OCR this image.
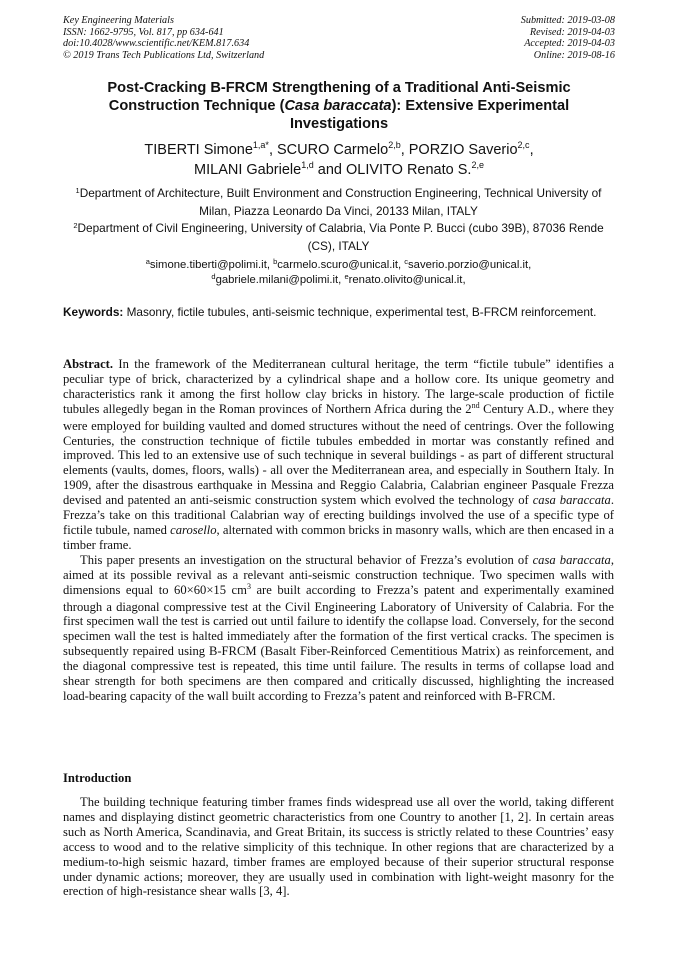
Key Engineering Materials
ISSN: 1662-9795, Vol. 817, pp 634-641
doi:10.4028/www.scientific.net/KEM.817.634
© 2019 Trans Tech Publications Ltd, Switzerland
Submitted: 2019-03-08
Revised: 2019-04-03
Accepted: 2019-04-03
Online: 2019-08-16
Post-Cracking B-FRCM Strengthening of a Traditional Anti-Seismic Construction Technique (Casa baraccata): Extensive Experimental Investigations
TIBERTI Simone$^{1,a*}$, SCURO Carmelo$^{2,b}$, PORZIO Saverio$^{2,c}$,
MILANI Gabriele$^{1,d}$ and OLIVITO Renato S.$^{2,e}$
$^1$Department of Architecture, Built Environment and Construction Engineering, Technical University of Milan, Piazza Leonardo Da Vinci, 20133 Milan, ITALY
$^2$Department of Civil Engineering, University of Calabria, Via Ponte P. Bucci (cubo 39B), 87036 Rende (CS), ITALY
$^a$simone.tiberti@polimi.it, $^b$carmelo.scuro@unical.it, $^c$saverio.porzio@unical.it,
$^d$gabriele.milani@polimi.it, $^e$renato.olivito@unical.it,
Keywords: Masonry, fictile tubules, anti-seismic technique, experimental test, B-FRCM reinforcement.

Abstract. In the framework of the Mediterranean cultural heritage, the term “fictile tubule” identifies a peculiar type of brick, characterized by a cylindrical shape and a hollow core. Its unique geometry and characteristics rank it among the first hollow clay bricks in history. The large-scale production of fictile tubules allegedly began in the Roman provinces of Northern Africa during the 2nd Century A.D., where they were employed for building vaulted and domed structures without the need of centrings. Over the following Centuries, the construction technique of fictile tubules embedded in mortar was constantly refined and improved. This led to an extensive use of such technique in several buildings - as part of different structural elements (vaults, domes, floors, walls) - all over the Mediterranean area, and especially in Southern Italy. In 1909, after the disastrous earthquake in Messina and Reggio Calabria, Calabrian engineer Pasquale Frezza devised and patented an anti-seismic construction system which evolved the technology of casa baraccata. Frezza’s take on this traditional Calabrian way of erecting buildings involved the use of a specific type of fictile tubule, named carosello, alternated with common bricks in masonry walls, which are then encased in a timber frame.

This paper presents an investigation on the structural behavior of Frezza’s evolution of casa baraccata, aimed at its possible revival as a relevant anti-seismic construction technique. Two specimen walls with dimensions equal to 60×60×15 $cm^3$ are built according to Frezza’s patent and experimentally examined through a diagonal compressive test at the Civil Engineering Laboratory of University of Calabria. For the first specimen wall the test is carried out until failure to identify the collapse load. Conversely, for the second specimen wall the test is halted immediately after the formation of the first vertical cracks. The specimen is subsequently repaired using B-FRCM (Basalt Fiber-Reinforced Cementitious Matrix) as reinforcement, and the diagonal compressive test is repeated, this time until failure. The results in terms of collapse load and shear strength for both specimens are then compared and critically discussed, highlighting the increased load-bearing capacity of the wall built according to Frezza’s patent and reinforced with B-FRCM.

Introduction

The building technique featuring timber frames finds widespread use all over the world, taking different names and displaying distinct geometric characteristics from one Country to another [1, 2]. In certain areas such as North America, Scandinavia, and Great Britain, its success is strictly related to these Countries’ easy access to wood and to the relative simplicity of this technique. In other regions that are characterized by a medium-to-high seismic hazard, timber frames are employed because of their superior structural response under dynamic actions; moreover, they are usually used in combination with light-weight masonry for the erection of high-resistance shear walls [3, 4].
